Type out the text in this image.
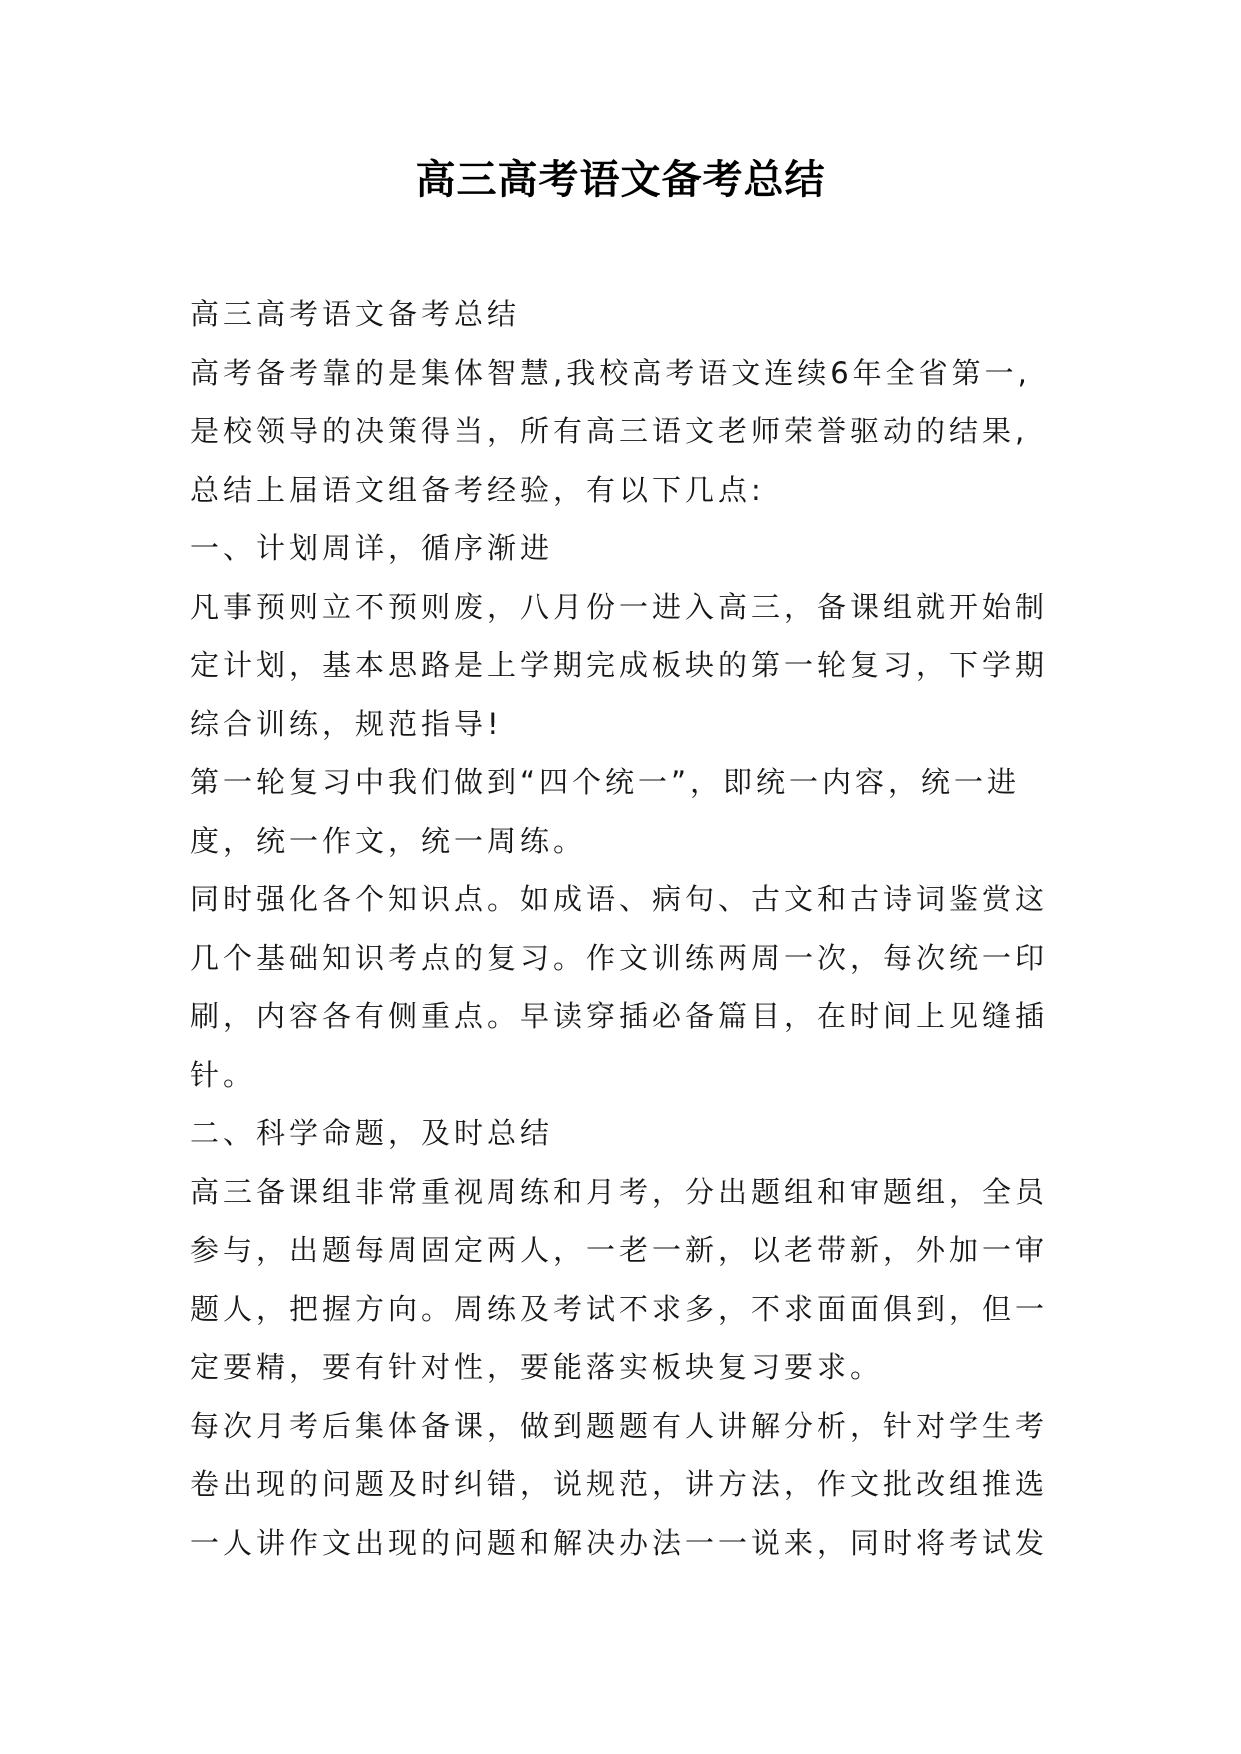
高三高考语文备考总结
高三高考语文备考总结
高考备考靠的是集体智慧,我校高考语文连续6年全省第一,
是校领导的决策得当，所有高三语文老师荣誉驱动的结果,
总结上届语文组备考经验，有以下几点:
一、计划周详，循序渐进
凡事预则立不预则废，八月份一进入高三，备课组就开始制
定计划，基本思路是上学期完成板块的第一轮复习，下学期
综合训练，规范指导!
第一轮复习中我们做到“四个统一”，即统一内容，统一进
度，统一作文，统一周练。
同时强化各个知识点。如成语、病句、古文和古诗词鉴赏这
几个基础知识考点的复习。作文训练两周一次，每次统一印
刷，内容各有侧重点。早读穿插必备篇目，在时间上见缝插
针。
二、科学命题，及时总结
高三备课组非常重视周练和月考，分出题组和审题组，全员
参与，出题每周固定两人，一老一新，以老带新，外加一审
题人，把握方向。周练及考试不求多，不求面面俱到，但一
定要精，要有针对性，要能落实板块复习要求。
每次月考后集体备课，做到题题有人讲解分析，针对学生考
卷出现的问题及时纠错，说规范，讲方法，作文批改组推选
一人讲作文出现的问题和解决办法一一说来，同时将考试发
